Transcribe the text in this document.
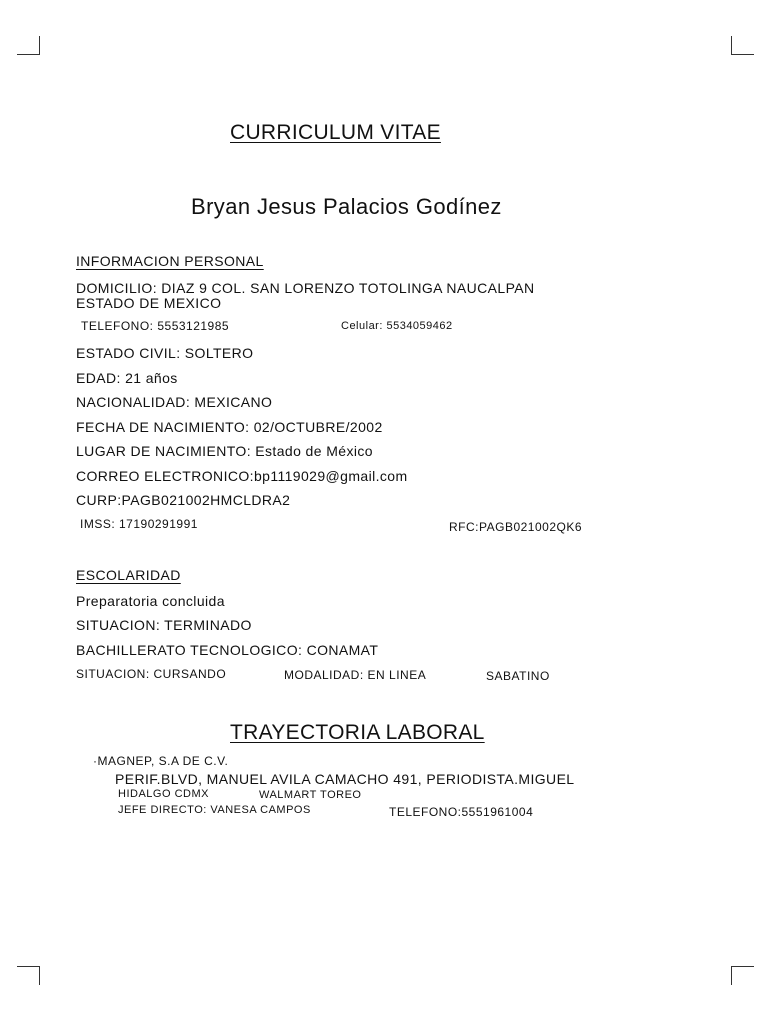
CURRICULUM VITAE
Bryan Jesus Palacios Godínez
INFORMACION PERSONAL
DOMICILIO: DIAZ 9 COL. SAN LORENZO TOTOLINGA NAUCALPAN
ESTADO DE MEXICO
TELEFONO: 5553121985	Celular: 5534059462
ESTADO CIVIL: SOLTERO
EDAD: 21 años
NACIONALIDAD: MEXICANO
FECHA DE NACIMIENTO: 02/OCTUBRE/2002
LUGAR DE NACIMIENTO: Estado de México
CORREO ELECTRONICO:bp1119029@gmail.com
CURP:PAGB021002HMCLDRA2
IMSS: 17190291991	RFC:PAGB021002QK6
ESCOLARIDAD
Preparatoria concluida
SITUACION: TERMINADO
BACHILLERATO TECNOLOGICO: CONAMAT
SITUACION: CURSANDO	MODALIDAD: EN LINEA	SABATINO
TRAYECTORIA LABORAL
·MAGNEP, S.A DE C.V.
PERIF.BLVD, MANUEL AVILA CAMACHO 491, PERIODISTA.MIGUEL
HIDALGO CDMX	WALMART TOREO
JEFE DIRECTO: VANESA CAMPOS	TELEFONO:5551961004
